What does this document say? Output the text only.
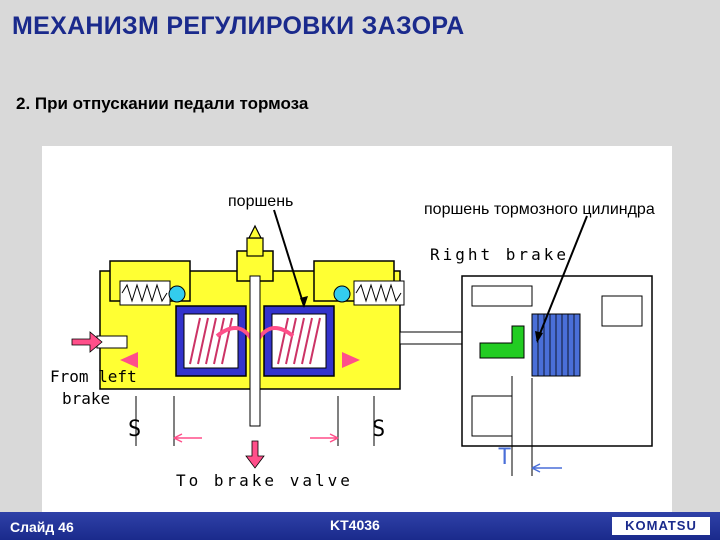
МЕХАНИЗМ РЕГУЛИРОВКИ ЗАЗОРА
2. При отпускании педали тормоза
поршень	поршень тормозного цилиндра
Right brake
From left
brake
To brake valve
S	S
T
Слайд 46	KT4036	KOMATSU
